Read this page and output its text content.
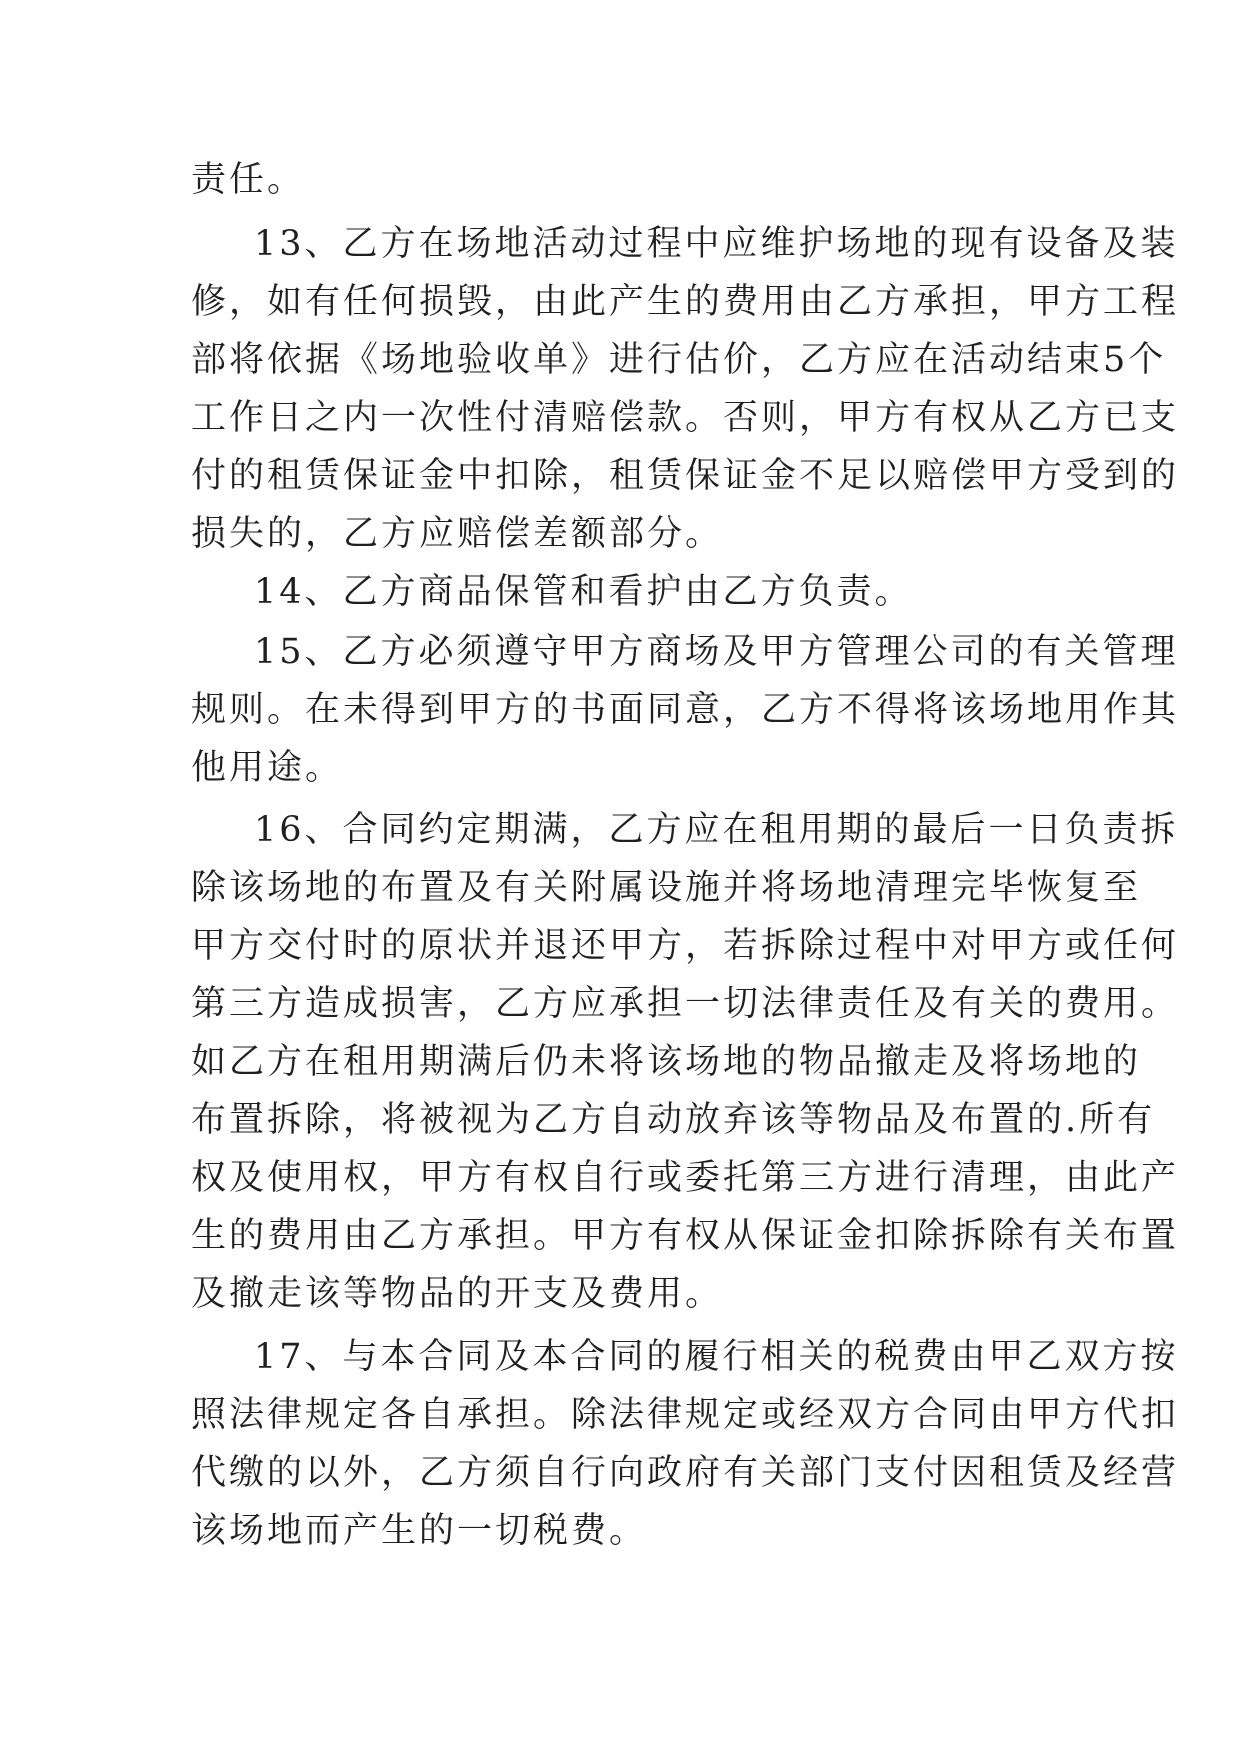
责任。
13、乙方在场地活动过程中应维护场地的现有设备及装
修，如有任何损毁，由此产生的费用由乙方承担，甲方工程
部将依据《场地验收单》进行估价，乙方应在活动结束5个
工作日之内一次性付清赔偿款。否则，甲方有权从乙方已支
付的租赁保证金中扣除，租赁保证金不足以赔偿甲方受到的
损失的，乙方应赔偿差额部分。
14、乙方商品保管和看护由乙方负责。
15、乙方必须遵守甲方商场及甲方管理公司的有关管理
规则。在未得到甲方的书面同意，乙方不得将该场地用作其
他用途。
16、合同约定期满，乙方应在租用期的最后一日负责拆
除该场地的布置及有关附属设施并将场地清理完毕恢复至
甲方交付时的原状并退还甲方，若拆除过程中对甲方或任何
第三方造成损害，乙方应承担一切法律责任及有关的费用。
如乙方在租用期满后仍未将该场地的物品撤走及将场地的
布置拆除，将被视为乙方自动放弃该等物品及布置的.所有
权及使用权，甲方有权自行或委托第三方进行清理，由此产
生的费用由乙方承担。甲方有权从保证金扣除拆除有关布置
及撤走该等物品的开支及费用。
17、与本合同及本合同的履行相关的税费由甲乙双方按
照法律规定各自承担。除法律规定或经双方合同由甲方代扣
代缴的以外，乙方须自行向政府有关部门支付因租赁及经营
该场地而产生的一切税费。
